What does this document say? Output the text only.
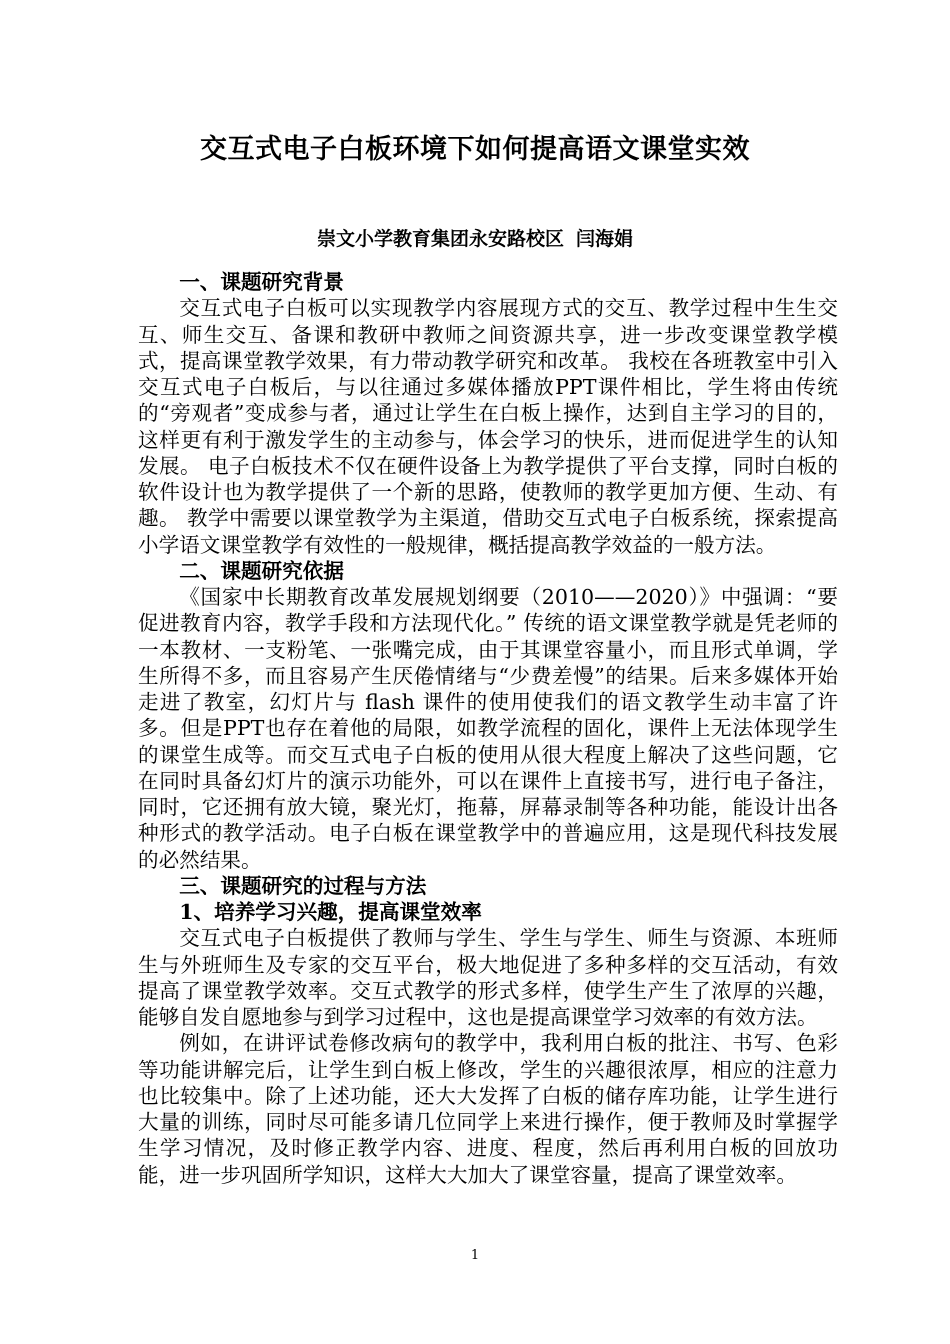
交互式电子白板环境下如何提高语文课堂实效
崇文小学教育集团永安路校区 闫海娟
一、课题研究背景

交互式电子白板可以实现教学内容展现方式的交互、教学过程中生生交互、师生交互、备课和教研中教师之间资源共享，进一步改变课堂教学模式，提高课堂教学效果，有力带动教学研究和改革。 我校在各班教室中引入交互式电子白板后，与以往通过多媒体播放PPT课件相比，学生将由传统的“旁观者”变成参与者，通过让学生在白板上操作，达到自主学习的目的，这样更有利于激发学生的主动参与，体会学习的快乐，进而促进学生的认知发展。 电子白板技术不仅在硬件设备上为教学提供了平台支撑，同时白板的软件设计也为教学提供了一个新的思路，使教师的教学更加方便、生动、有趣。 教学中需要以课堂教学为主渠道，借助交互式电子白板系统，探索提高小学语文课堂教学有效性的一般规律，概括提高教学效益的一般方法。

二、课题研究依据

《国家中长期教育改革发展规划纲要（2010——2020）》中强调：“要促进教育内容，教学手段和方法现代化。” 传统的语文课堂教学就是凭老师的一本教材、一支粉笔、一张嘴完成，由于其课堂容量小，而且形式单调，学生所得不多，而且容易产生厌倦情绪与“少费差慢”的结果。后来多媒体开始走进了教室，幻灯片与 flash 课件的使用使我们的语文教学生动丰富了许多。但是PPT也存在着他的局限，如教学流程的固化，课件上无法体现学生的课堂生成等。而交互式电子白板的使用从很大程度上解决了这些问题，它在同时具备幻灯片的演示功能外，可以在课件上直接书写，进行电子备注，同时，它还拥有放大镜，聚光灯，拖幕，屏幕录制等各种功能，能设计出各种形式的教学活动。电子白板在课堂教学中的普遍应用，这是现代科技发展的必然结果。

三、课题研究的过程与方法
1、培养学习兴趣，提高课堂效率

交互式电子白板提供了教师与学生、学生与学生、师生与资源、本班师生与外班师生及专家的交互平台，极大地促进了多种多样的交互活动，有效提高了课堂教学效率。交互式教学的形式多样，使学生产生了浓厚的兴趣，能够自发自愿地参与到学习过程中，这也是提高课堂学习效率的有效方法。

例如，在讲评试卷修改病句的教学中，我利用白板的批注、书写、色彩等功能讲解完后，让学生到白板上修改，学生的兴趣很浓厚，相应的注意力也比较集中。除了上述功能，还大大发挥了白板的储存库功能，让学生进行大量的训练，同时尽可能多请几位同学上来进行操作，便于教师及时掌握学生学习情况，及时修正教学内容、进度、程度，然后再利用白板的回放功能，进一步巩固所学知识，这样大大加大了课堂容量，提高了课堂效率。

1
